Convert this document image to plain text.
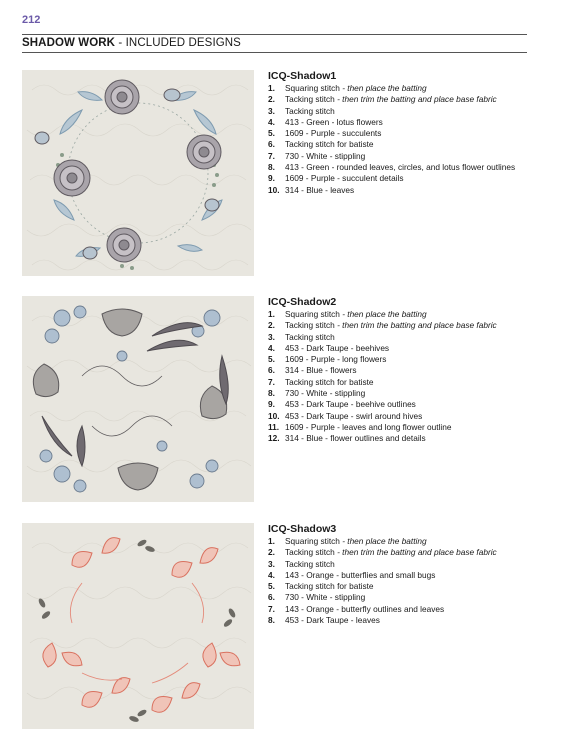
212
SHADOW WORK - INCLUDED DESIGNS
ICQ-Shadow1
1.	Squaring stitch - then place the batting
2.	Tacking stitch - then trim the batting and place base fabric
3.	Tacking stitch
4.	413 - Green - lotus flowers
5.	1609 - Purple - succulents
6.	Tacking stitch for batiste
7.	730 - White - stippling
8.	413 - Green - rounded leaves, circles, and lotus flower outlines
9.	1609 - Purple - succulent details
10. 314 - Blue - leaves
ICQ-Shadow2
1.	Squaring stitch - then place the batting
2.	Tacking stitch - then trim the batting and place base fabric
3.	Tacking stitch
4.	453 - Dark Taupe - beehives
5.	1609 - Purple - long flowers
6.	314 - Blue - flowers
7.	Tacking stitch for batiste
8.	730 - White - stippling
9.	453 - Dark Taupe - beehive outlines
10. 453 - Dark Taupe - swirl around hives
11. 1609 - Purple - leaves and long flower outline
12. 314 - Blue - flower outlines and details
ICQ-Shadow3
1.	Squaring stitch - then place the batting
2.	Tacking stitch - then trim the batting and place base fabric
3.	Tacking stitch
4.	143 - Orange - butterflies and small bugs
5.	Tacking stitch for batiste
6.	730 - White - stippling
7.	143 - Orange - butterfly outlines and leaves
8.	453 - Dark Taupe - leaves
